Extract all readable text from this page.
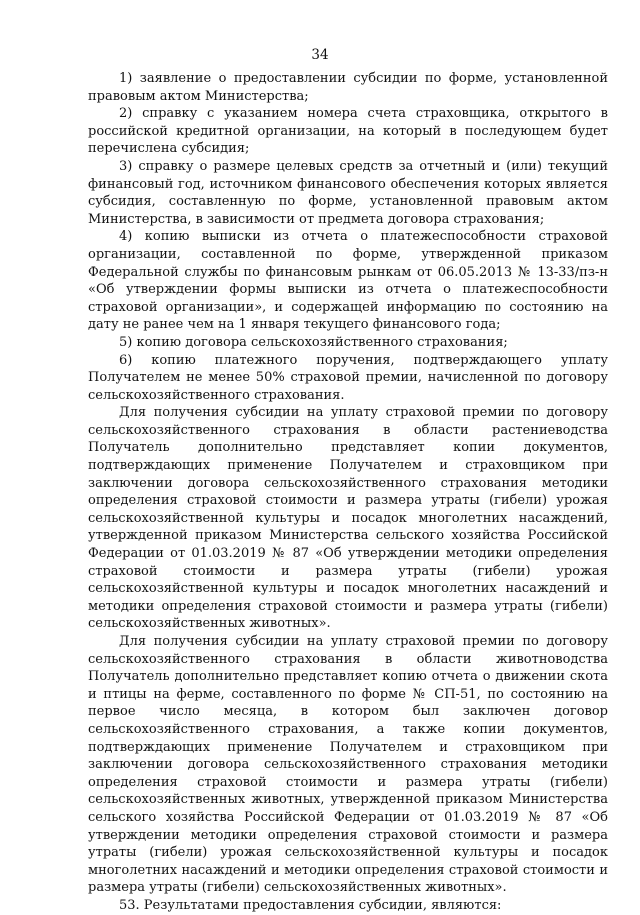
34

1) заявление о предоставлении субсидии по форме, установленной правовым актом Министерства;

2) справку с указанием номера счета страховщика, открытого в российской кредитной организации, на который в последующем будет перечислена субсидия;

3) справку о размере целевых средств за отчетный и (или) текущий финансовый год, источником финансового обеспечения которых является субсидия, составленную по форме, установленной правовым актом Министерства, в зависимости от предмета договора страхования;

4) копию выписки из отчета о платежеспособности страховой организации, составленной по форме, утвержденной приказом Федеральной службы по финансовым рынкам от 06.05.2013 № 13-33/пз-н «Об утверждении формы выписки из отчета о платежеспособности страховой организации», и содержащей информацию по состоянию на дату не ранее чем на 1 января текущего финансового года;

5) копию договора сельскохозяйственного страхования;

6) копию платежного поручения, подтверждающего уплату Получателем не менее 50% страховой премии, начисленной по договору сельскохозяйственного страхования.

Для получения субсидии на уплату страховой премии по договору сельскохозяйственного страхования в области растениеводства Получатель дополнительно представляет копии документов, подтверждающих применение Получателем и страховщиком при заключении договора сельскохозяйственного страхования методики определения страховой стоимости и размера утраты (гибели) урожая сельскохозяйственной культуры и посадок многолетних насаждений, утвержденной приказом Министерства сельского хозяйства Российской Федерации от 01.03.2019 № 87 «Об утверждении методики определения страховой стоимости и размера утраты (гибели) урожая сельскохозяйственной культуры и посадок многолетних насаждений и методики определения страховой стоимости и размера утраты (гибели) сельскохозяйственных животных».

Для получения субсидии на уплату страховой премии по договору сельскохозяйственного страхования в области животноводства Получатель дополнительно представляет копию отчета о движении скота и птицы на ферме, составленного по форме № СП-51, по состоянию на первое число месяца, в котором был заключен договор сельскохозяйственного страхования, а также копии документов, подтверждающих применение Получателем и страховщиком при заключении договора сельскохозяйственного страхования методики определения страховой стоимости и размера утраты (гибели) сельскохозяйственных животных, утвержденной приказом Министерства сельского хозяйства Российской Федерации от 01.03.2019 № 87 «Об утверждении методики определения страховой стоимости и размера утраты (гибели) урожая сельскохозяйственной культуры и посадок многолетних насаждений и методики определения страховой стоимости и размера утраты (гибели) сельскохозяйственных животных».

53. Результатами предоставления субсидии, являются:
